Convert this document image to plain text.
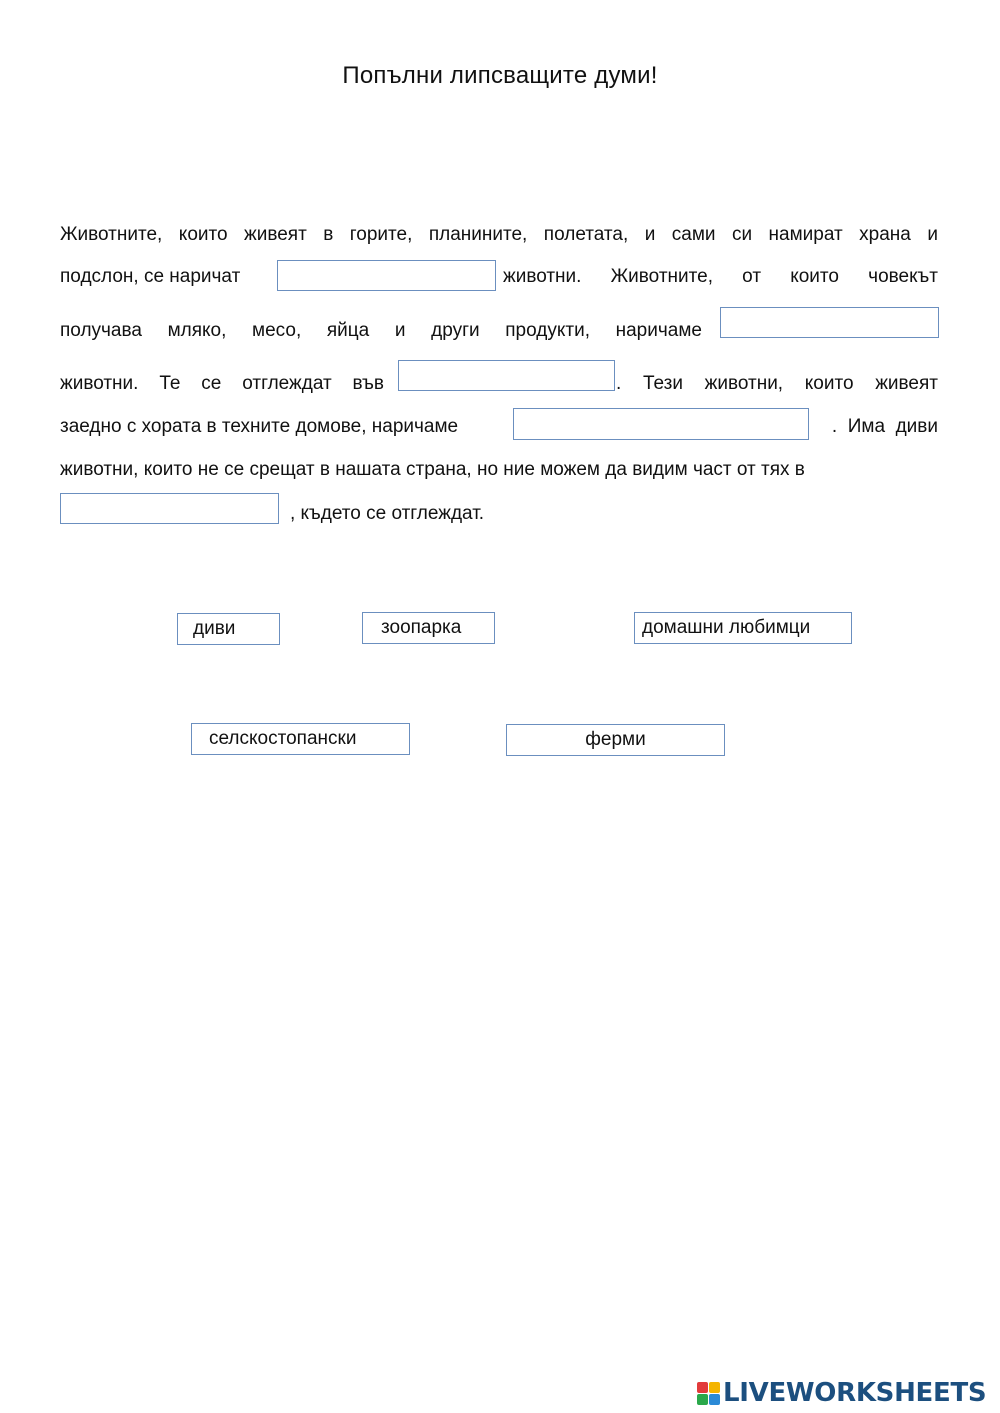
Попълни липсващите думи!
Животните, които живеят в горите, планините, полетата, и сами си намират храна и
подслон, се наричат	животни. Животните, от които човекът
получава мляко, месо, яйца и други продукти, наричаме
животни. Те се отглеждат във	. Тези животни, които живеят
заедно с хората в техните домове, наричаме	.  Има  диви
животни, които не се срещат в нашата страна, но ние можем да видим част от тях в
, където се отглеждат.
диви	зоопарка	домашни любимци
селскостопански	ферми
LIVEWORKSHEETS
